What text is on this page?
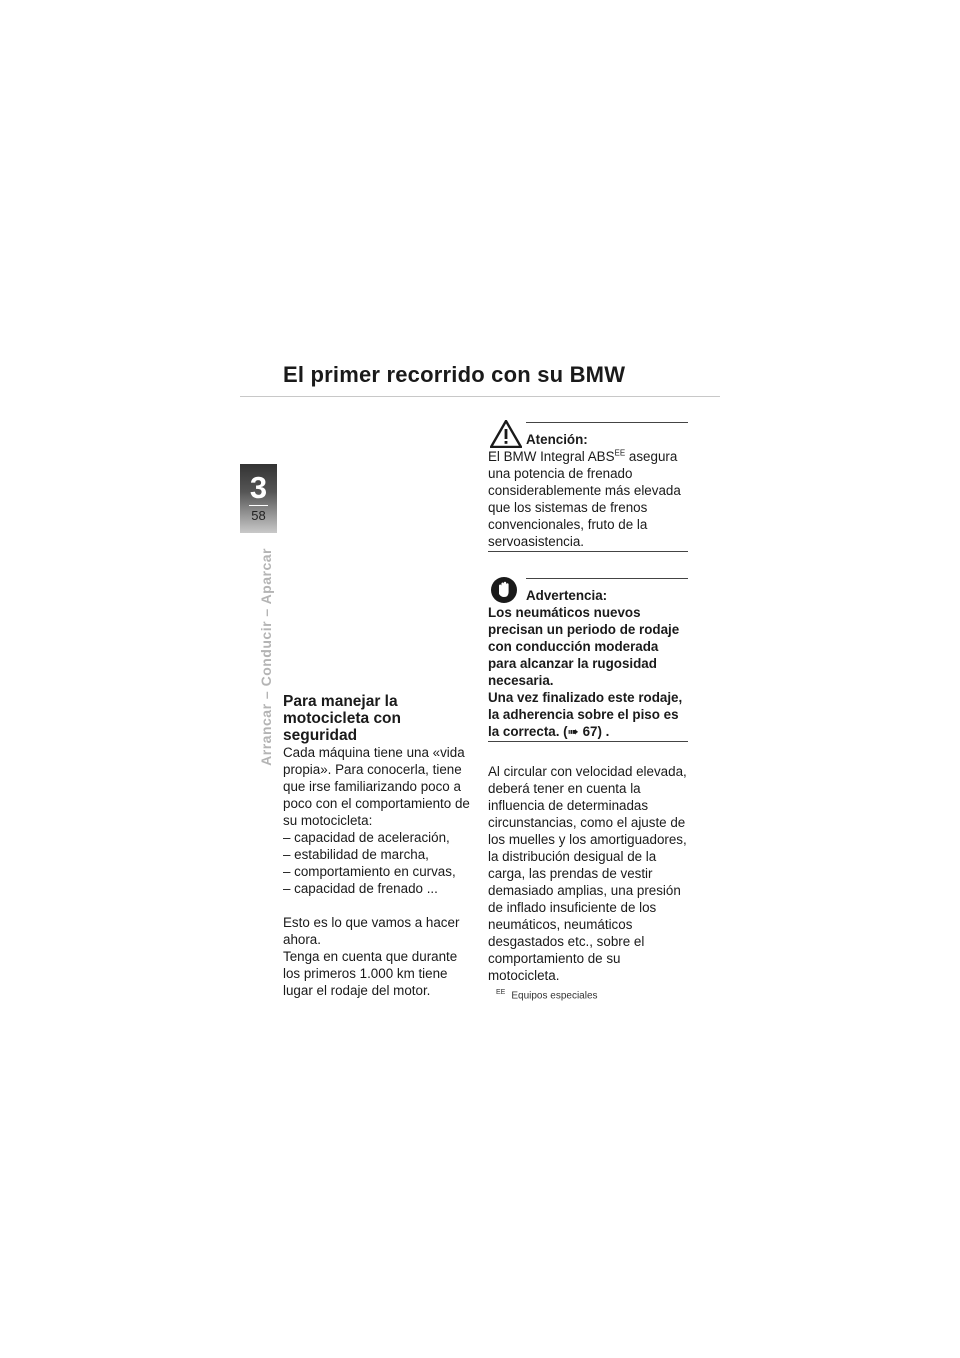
El primer recorrido con su BMW
3
58
Arrancar – Conducir – Aparcar Para manejar la motocicleta con seguridad

Cada máquina tiene una «vida propia». Para conocerla, tiene que irse familiarizando poco a poco con el comportamiento de su motocicleta:

– capacidad de aceleración,

– estabilidad de marcha,

– comportamiento en curvas,

– capacidad de frenado ...

Esto es lo que vamos a hacer ahora.

Tenga en cuenta que durante los primeros 1.000 km tiene lugar el rodaje del motor.

Atención:

El BMW Integral $ABS^{EE}$ asegura una potencia de frenado considerablemente más elevada que los sistemas de frenos convencionales, fruto de la servoasistencia.

Advertencia:

Los neumáticos nuevos precisan un periodo de rodaje con conducción moderada para alcanzar la rugosidad necesaria.

Una vez finalizado este rodaje, la adherencia sobre el piso es la correcta. (➠ 67) .

Al circular con velocidad elevada, deberá tener en cuenta la influencia de determinadas circunstancias, como el ajuste de los muelles y los amortiguadores, la distribución desigual de la carga, las prendas de vestir demasiado amplias, una presión de inflado insuficiente de los neumáticos, neumáticos desgastados etc., sobre el comportamiento de su motocicleta.

$^{EE}$ Equipos especiales
